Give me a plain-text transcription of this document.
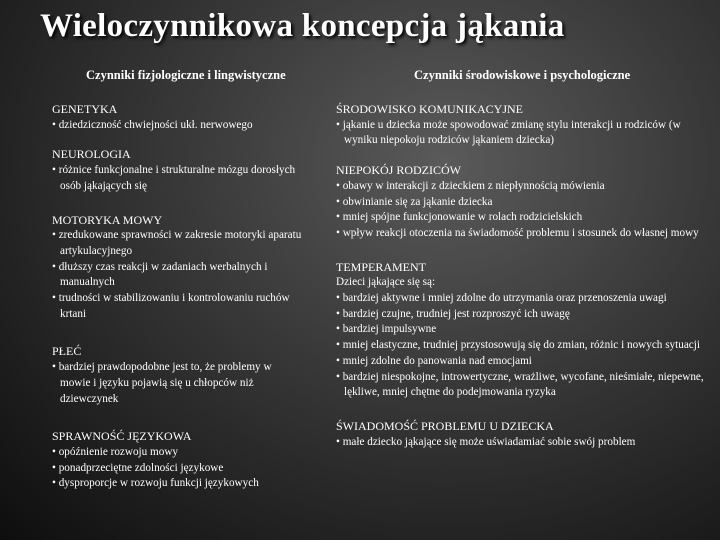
Wieloczynnikowa koncepcja jąkania
Czynniki fizjologiczne i lingwistyczne	Czynniki środowiskowe i psychologiczne
GENETYKA
• dziedziczność chwiejności ukł. nerwowego
NEUROLOGIA
• różnice funkcjonalne i strukturalne mózgu dorosłych osób jąkających się
MOTORYKA MOWY
• zredukowane sprawności w zakresie motoryki aparatu artykulacyjnego
• dłuższy czas reakcji w zadaniach werbalnych i manualnych
• trudności w stabilizowaniu i kontrolowaniu ruchów krtani
PŁEĆ
• bardziej prawdopodobne jest to, że problemy w mowie i języku pojawią się u chłopców niż dziewczynek
SPRAWNOŚĆ JĘZYKOWA
• opóźnienie rozwoju mowy
• ponadprzeciętne zdolności językowe
• dysproporcje w rozwoju funkcji językowych
ŚRODOWISKO KOMUNIKACYJNE
• jąkanie u dziecka może spowodować zmianę stylu interakcji u rodziców (w wyniku niepokoju rodziców jąkaniem dziecka)
NIEPOKÓJ RODZICÓW
• obawy w interakcji z dzieckiem z niepłynnością mówienia
• obwinianie się za jąkanie dziecka
• mniej spójne funkcjonowanie w rolach rodzicielskich
• wpływ reakcji otoczenia na świadomość problemu i stosunek do własnej mowy
TEMPERAMENT
Dzieci jąkające się są:
• bardziej aktywne i mniej zdolne do utrzymania oraz przenoszenia uwagi
• bardziej czujne, trudniej jest rozproszyć ich uwagę
• bardziej impulsywne
• mniej elastyczne, trudniej przystosowują się do zmian, różnic i nowych sytuacji
• mniej zdolne do panowania nad emocjami
• bardziej niespokojne, introwertyczne, wrażliwe, wycofane, nieśmiałe, niepewne, lękliwe, mniej chętne do podejmowania ryzyka
ŚWIADOMOŚĆ PROBLEMU U DZIECKA
• małe dziecko jąkające się może uświadamiać sobie swój problem
